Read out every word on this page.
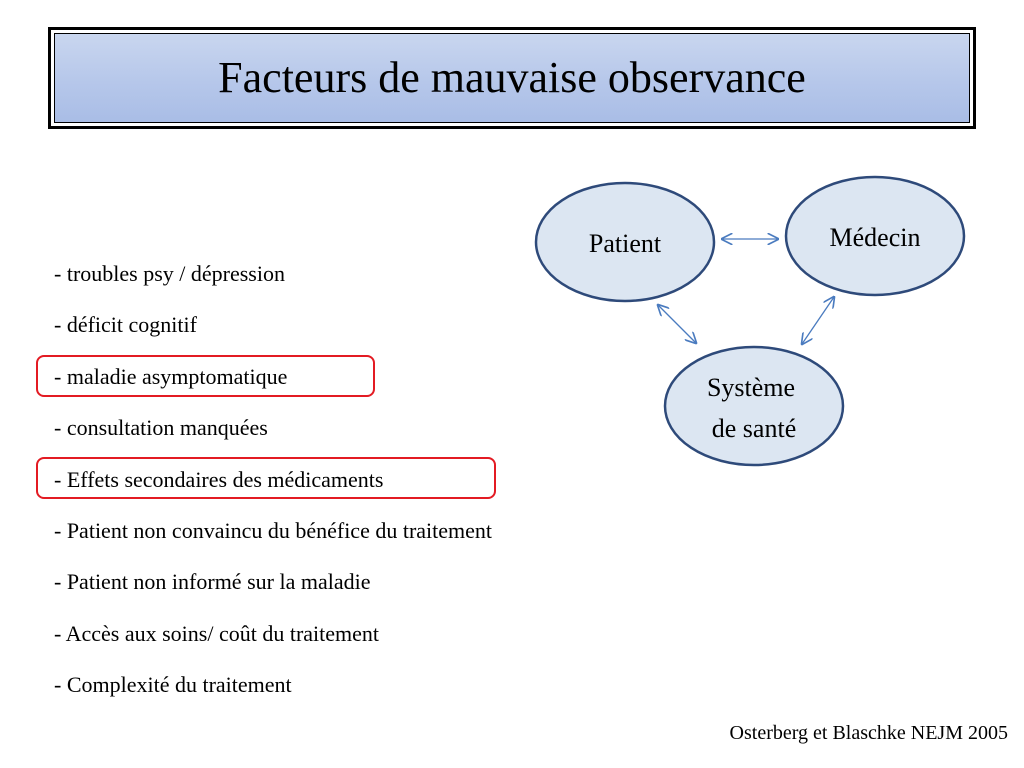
Facteurs de mauvaise observance
- troubles psy / dépression
- déficit cognitif
- maladie asymptomatique
- consultation manquées
- Effets secondaires des médicaments
- Patient non convaincu du bénéfice du traitement
- Patient non informé sur la maladie
- Accès aux soins/ coût du traitement
- Complexité du traitement
Patient	Médecin
Système
de santé
Osterberg et Blaschke NEJM 2005
